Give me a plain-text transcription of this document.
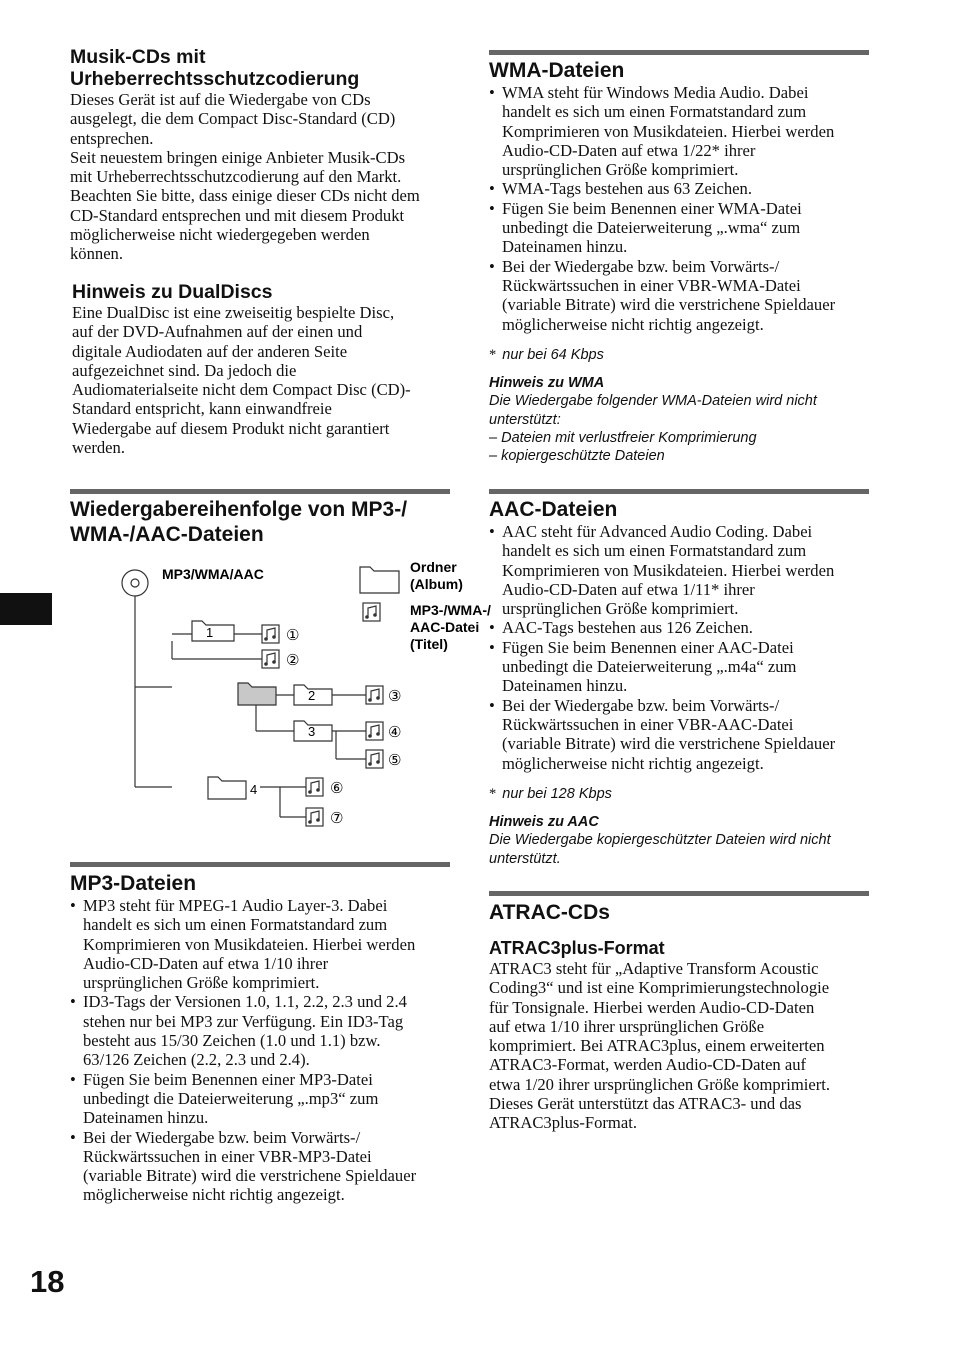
Musik-CDs mit
Urheberrechtsschutzcodierung
Dieses Gerät ist auf die Wiedergabe von CDs
ausgelegt, die dem Compact Disc-Standard (CD)
entsprechen.
Seit neuestem bringen einige Anbieter Musik-CDs
mit Urheberrechtsschutzcodierung auf den Markt.
Beachten Sie bitte, dass einige dieser CDs nicht dem
CD-Standard entsprechen und mit diesem Produkt
möglicherweise nicht wiedergegeben werden
können.
Hinweis zu DualDiscs
Eine DualDisc ist eine zweiseitig bespielte Disc,
auf der DVD-Aufnahmen auf der einen und
digitale Audiodaten auf der anderen Seite
aufgezeichnet sind. Da jedoch die
Audiomaterialseite nicht dem Compact Disc (CD)-
Standard entspricht, kann einwandfreie
Wiedergabe auf diesem Produkt nicht garantiert
werden.
Wiedergabereihenfolge von MP3-/
WMA-/AAC-Dateien
MP3/WMA/AAC	Ordner
(Album)
MP3-/WMA-/
AAC-Datei
(Titel)
1
2
3
4
①
②
③
④
⑤
⑥
⑦
MP3-Dateien
• MP3 steht für MPEG-1 Audio Layer-3. Dabei
handelt es sich um einen Formatstandard zum
Komprimieren von Musikdateien. Hierbei werden
Audio-CD-Daten auf etwa 1/10 ihrer
ursprünglichen Größe komprimiert.
• ID3-Tags der Versionen 1.0, 1.1, 2.2, 2.3 und 2.4
stehen nur bei MP3 zur Verfügung. Ein ID3-Tag
besteht aus 15/30 Zeichen (1.0 und 1.1) bzw.
63/126 Zeichen (2.2, 2.3 und 2.4).
• Fügen Sie beim Benennen einer MP3-Datei
unbedingt die Dateierweiterung „.mp3“ zum
Dateinamen hinzu.
• Bei der Wiedergabe bzw. beim Vorwärts-/
Rückwärtssuchen in einer VBR-MP3-Datei
(variable Bitrate) wird die verstrichene Spieldauer
möglicherweise nicht richtig angezeigt.
WMA-Dateien
• WMA steht für Windows Media Audio. Dabei
handelt es sich um einen Formatstandard zum
Komprimieren von Musikdateien. Hierbei werden
Audio-CD-Daten auf etwa 1/22* ihrer
ursprünglichen Größe komprimiert.
• WMA-Tags bestehen aus 63 Zeichen.
• Fügen Sie beim Benennen einer WMA-Datei
unbedingt die Dateierweiterung „.wma“ zum
Dateinamen hinzu.
• Bei der Wiedergabe bzw. beim Vorwärts-/
Rückwärtssuchen in einer VBR-WMA-Datei
(variable Bitrate) wird die verstrichene Spieldauer
möglicherweise nicht richtig angezeigt.
* nur bei 64 Kbps
Hinweis zu WMA
Die Wiedergabe folgender WMA-Dateien wird nicht
unterstützt:
– Dateien mit verlustfreier Komprimierung
– kopiergeschützte Dateien
AAC-Dateien
• AAC steht für Advanced Audio Coding. Dabei
handelt es sich um einen Formatstandard zum
Komprimieren von Musikdateien. Hierbei werden
Audio-CD-Daten auf etwa 1/11* ihrer
ursprünglichen Größe komprimiert.
• AAC-Tags bestehen aus 126 Zeichen.
• Fügen Sie beim Benennen einer AAC-Datei
unbedingt die Dateierweiterung „.m4a“ zum
Dateinamen hinzu.
• Bei der Wiedergabe bzw. beim Vorwärts-/
Rückwärtssuchen in einer VBR-AAC-Datei
(variable Bitrate) wird die verstrichene Spieldauer
möglicherweise nicht richtig angezeigt.
* nur bei 128 Kbps
Hinweis zu AAC
Die Wiedergabe kopiergeschützter Dateien wird nicht
unterstützt.
ATRAC-CDs
ATRAC3plus-Format
ATRAC3 steht für „Adaptive Transform Acoustic
Coding3“ und ist eine Komprimierungstechnologie
für Tonsignale. Hierbei werden Audio-CD-Daten
auf etwa 1/10 ihrer ursprünglichen Größe
komprimiert. Bei ATRAC3plus, einem erweiterten
ATRAC3-Format, werden Audio-CD-Daten auf
etwa 1/20 ihrer ursprünglichen Größe komprimiert.
Dieses Gerät unterstützt das ATRAC3- und das
ATRAC3plus-Format.
18
